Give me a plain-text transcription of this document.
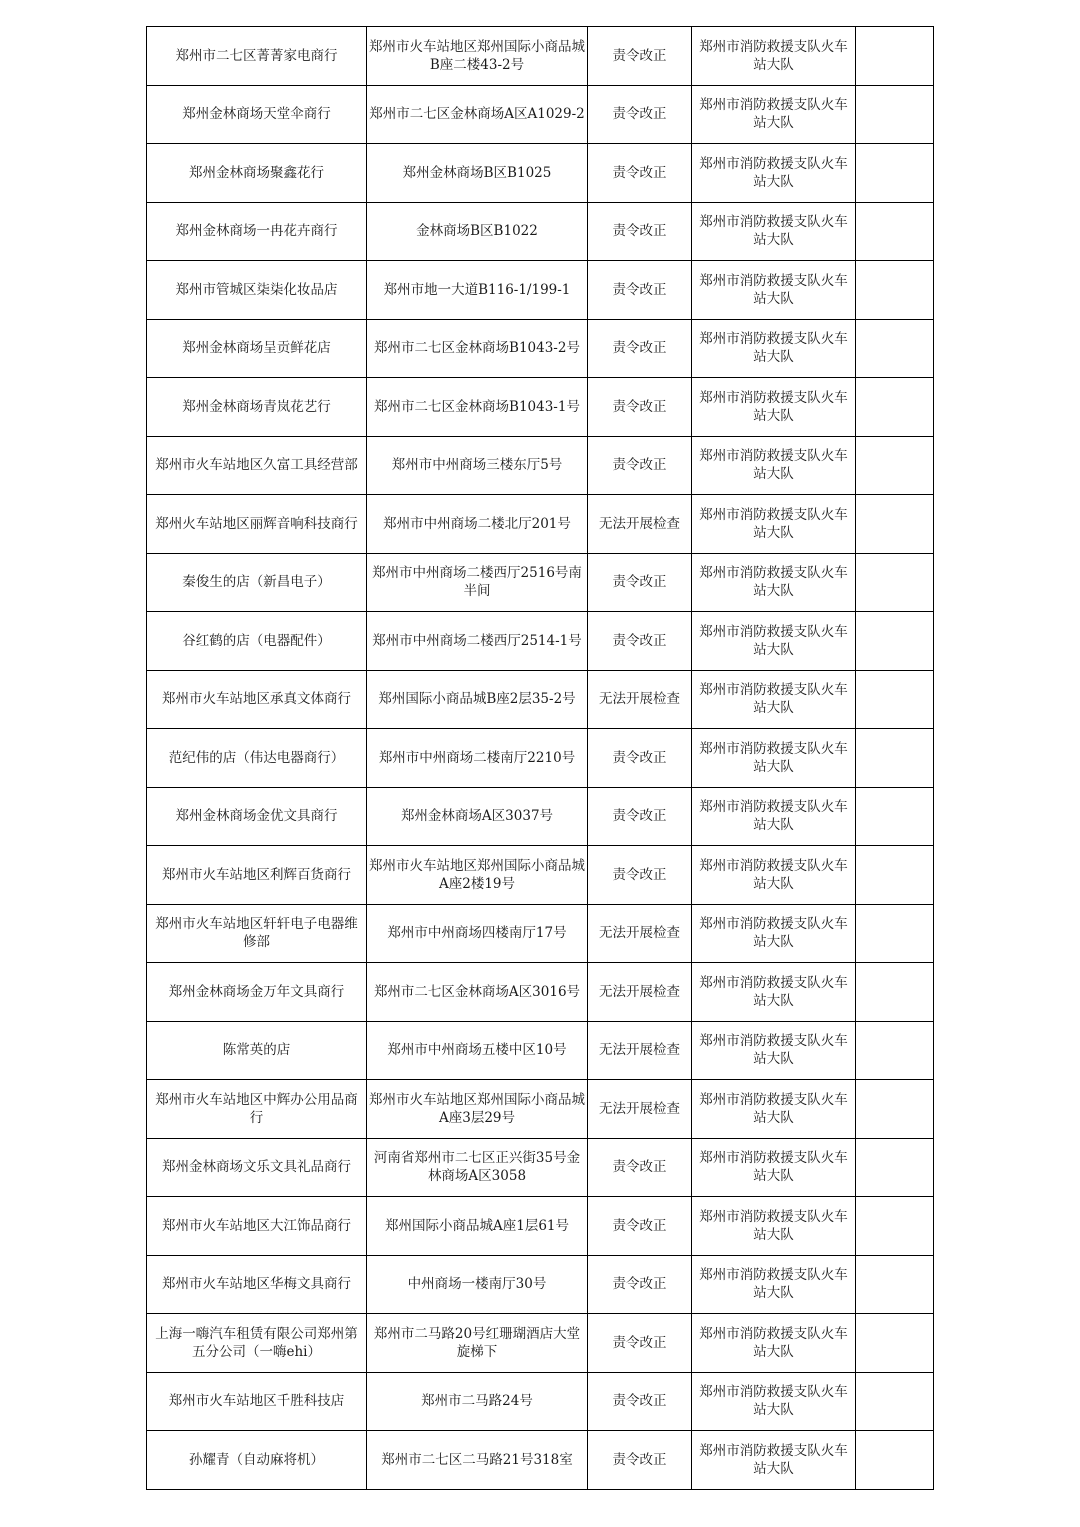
郑州市二七区菁菁家电商行	郑州市火车站地区郑州国际小商品城B座二楼43-2号	责令改正	郑州市消防救援支队火车站大队	
郑州金林商场天堂伞商行	郑州市二七区金林商场A区A1029-2	责令改正	郑州市消防救援支队火车站大队	
郑州金林商场聚鑫花行	郑州金林商场B区B1025	责令改正	郑州市消防救援支队火车站大队	
郑州金林商场一冉花卉商行	金林商场B区B1022	责令改正	郑州市消防救援支队火车站大队	
郑州市管城区柒柒化妆品店	郑州市地一大道B116-1/199-1	责令改正	郑州市消防救援支队火车站大队	
郑州金林商场呈贡鲜花店	郑州市二七区金林商场B1043-2号	责令改正	郑州市消防救援支队火车站大队	
郑州金林商场青岚花艺行	郑州市二七区金林商场B1043-1号	责令改正	郑州市消防救援支队火车站大队	
郑州市火车站地区久富工具经营部	郑州市中州商场三楼东厅5号	责令改正	郑州市消防救援支队火车站大队	
郑州火车站地区丽辉音响科技商行	郑州市中州商场二楼北厅201号	无法开展检查	郑州市消防救援支队火车站大队	
秦俊生的店（新昌电子）	郑州市中州商场二楼西厅2516号南半间	责令改正	郑州市消防救援支队火车站大队	
谷红鹤的店（电器配件）	郑州市中州商场二楼西厅2514-1号	责令改正	郑州市消防救援支队火车站大队	
郑州市火车站地区承真文体商行	郑州国际小商品城B座2层35-2号	无法开展检查	郑州市消防救援支队火车站大队	
范纪伟的店（伟达电器商行）	郑州市中州商场二楼南厅2210号	责令改正	郑州市消防救援支队火车站大队	
郑州金林商场金优文具商行	郑州金林商场A区3037号	责令改正	郑州市消防救援支队火车站大队	
郑州市火车站地区利辉百货商行	郑州市火车站地区郑州国际小商品城A座2楼19号	责令改正	郑州市消防救援支队火车站大队	
郑州市火车站地区轩轩电子电器维修部	郑州市中州商场四楼南厅17号	无法开展检查	郑州市消防救援支队火车站大队	
郑州金林商场金万年文具商行	郑州市二七区金林商场A区3016号	无法开展检查	郑州市消防救援支队火车站大队	
陈常英的店	郑州市中州商场五楼中区10号	无法开展检查	郑州市消防救援支队火车站大队	
郑州市火车站地区中辉办公用品商行	郑州市火车站地区郑州国际小商品城A座3层29号	无法开展检查	郑州市消防救援支队火车站大队	
郑州金林商场文乐文具礼品商行	河南省郑州市二七区正兴街35号金林商场A区3058	责令改正	郑州市消防救援支队火车站大队	
郑州市火车站地区大江饰品商行	郑州国际小商品城A座1层61号	责令改正	郑州市消防救援支队火车站大队	
郑州市火车站地区华梅文具商行	中州商场一楼南厅30号	责令改正	郑州市消防救援支队火车站大队	
上海一嗨汽车租赁有限公司郑州第五分公司（一嗨ehi）	郑州市二马路20号红珊瑚酒店大堂旋梯下	责令改正	郑州市消防救援支队火车站大队	
郑州市火车站地区千胜科技店	郑州市二马路24号	责令改正	郑州市消防救援支队火车站大队	
孙耀青（自动麻将机）	郑州市二七区二马路21号318室	责令改正	郑州市消防救援支队火车站大队	
